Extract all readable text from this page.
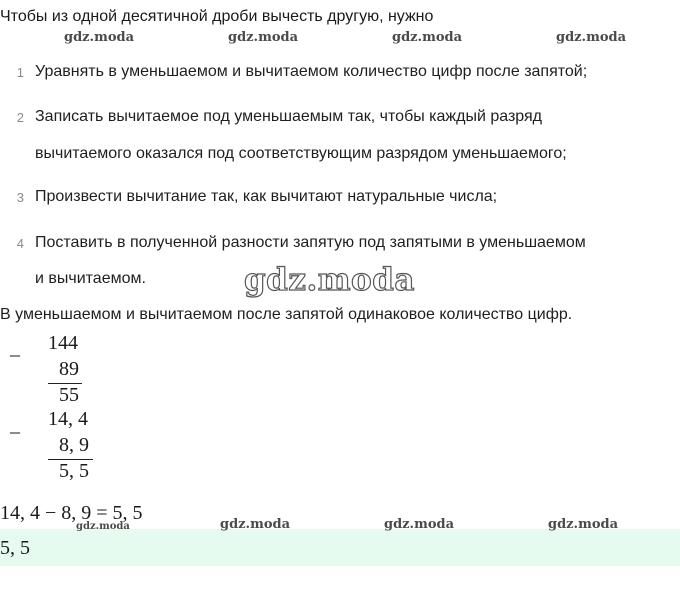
Чтобы из одной десятичной дроби вычесть другую, нужно
gdz.moda	gdz.moda	gdz.moda	gdz.moda
1 Уравнять в уменьшаемом и вычитаемом количество цифр после запятой;
2 Записать вычитаемое под уменьшаемым так, чтобы каждый разряд
вычитаемого оказался под соответствующим разрядом уменьшаемого;
3 Произвести вычитание так, как вычитают натуральные числа;
4 Поставить в полученной разности запятую под запятыми в уменьшаемом
и вычитаемом.	gdz.moda
В уменьшаемом и вычитаемом после запятой одинаковое количество цифр.
_ 144
89
55
_ 14, 4
8, 9
5, 5
14, 4 − 8, 9 = 5, 5
gdz.moda	gdz.moda	gdz.moda	gdz.moda
5, 5
